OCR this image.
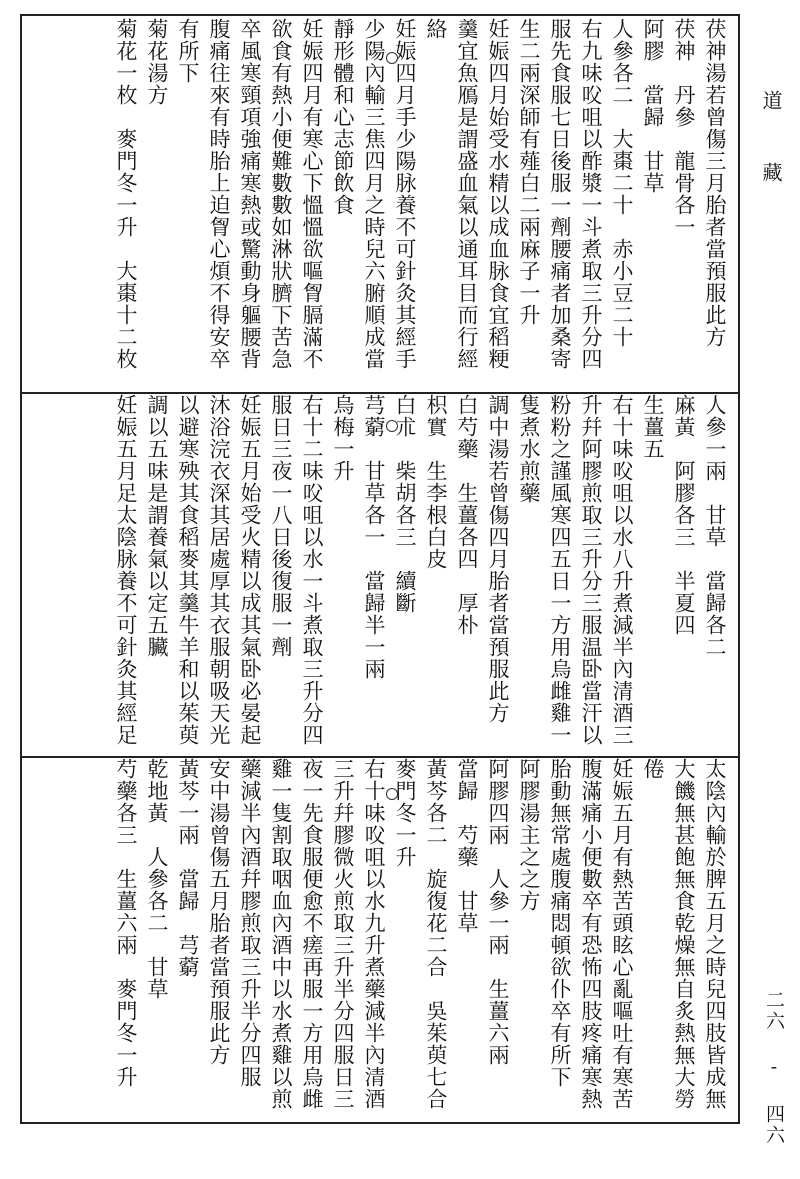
茯神湯若曾傷三月胎者當預服此方
茯神　丹參　龍骨各一
阿膠　當歸　甘草
人參各二　大棗二十　赤小豆二十
右九味㕮咀以酢漿一斗煮取三升分四
服先食服七日後服一劑腰痛者加桑寄
生二兩深師有薤白二兩麻子一升
妊娠四月始受水精以成血脉食宜稻粳
羹宜魚鴈是謂盛血氣以通耳目而行經
絡
妊娠四月手少陽脉養不可針灸其經手
少陽內輸三焦四月之時兒六腑順成當
靜形體和心志節飲食
妊娠四月有寒心下慍慍欲嘔胷膈滿不
欲食有熱小便難數數如淋狀臍下苦急
卒風寒頸項強痛寒熱或驚動身軀腰背
腹痛往來有時胎上迫胷心煩不得安卒
有所下
菊花湯方
菊花一枚　麥門冬一升　大棗十二枚
人參一兩　甘草　當歸各二
麻黃　阿膠各三　半夏四
生薑五
右十味㕮咀以水八升煮減半內清酒三
升幷阿膠煎取三升分三服温卧當汗以
粉粉之謹風寒四五日一方用烏雌雞一
隻煮水煎藥
調中湯若曾傷四月胎者當預服此方
白芍藥　生薑各四　厚朴
枳實　生李根白皮
白朮　柴胡各三　續斷
芎藭　甘草各一　當歸半一兩
烏梅一升
右十二味㕮咀以水一斗煮取三升分四
服日三夜一八日後復服一劑
妊娠五月始受火精以成其氣卧必晏起
沐浴浣衣深其居處厚其衣服朝吸天光
以避寒殃其食稻麥其羹牛羊和以茱萸
調以五味是謂養氣以定五臟
妊娠五月足太陰脉養不可針灸其經足
太陰內輸於脾五月之時兒四肢皆成無
大饑無甚飽無食乾燥無自炙熱無大勞
倦
妊娠五月有熱苦頭眩心亂嘔吐有寒苦
腹滿痛小便數卒有恐怖四肢疼痛寒熱
胎動無常處腹痛悶頓欲仆卒有所下
阿膠湯主之之方
阿膠四兩　人參一兩　生薑六兩
當歸　芍藥　甘草
黃芩各二　旋復花二合　吳茱萸七合
麥門冬一升
右十味㕮咀以水九升煮藥減半內清酒
三升幷膠微火煎取三升半分四服日三
夜一先食服便愈不瘥再服一方用烏雌
雞一隻割取咽血內酒中以水煮雞以煎
藥減半內酒幷膠煎取三升半分四服
安中湯曾傷五月胎者當預服此方
黃芩一兩　當歸　芎藭
乾地黃　人參各二　甘草
芍藥各三　生薑六兩　麥門冬一升
道 藏
二六 - 四六
